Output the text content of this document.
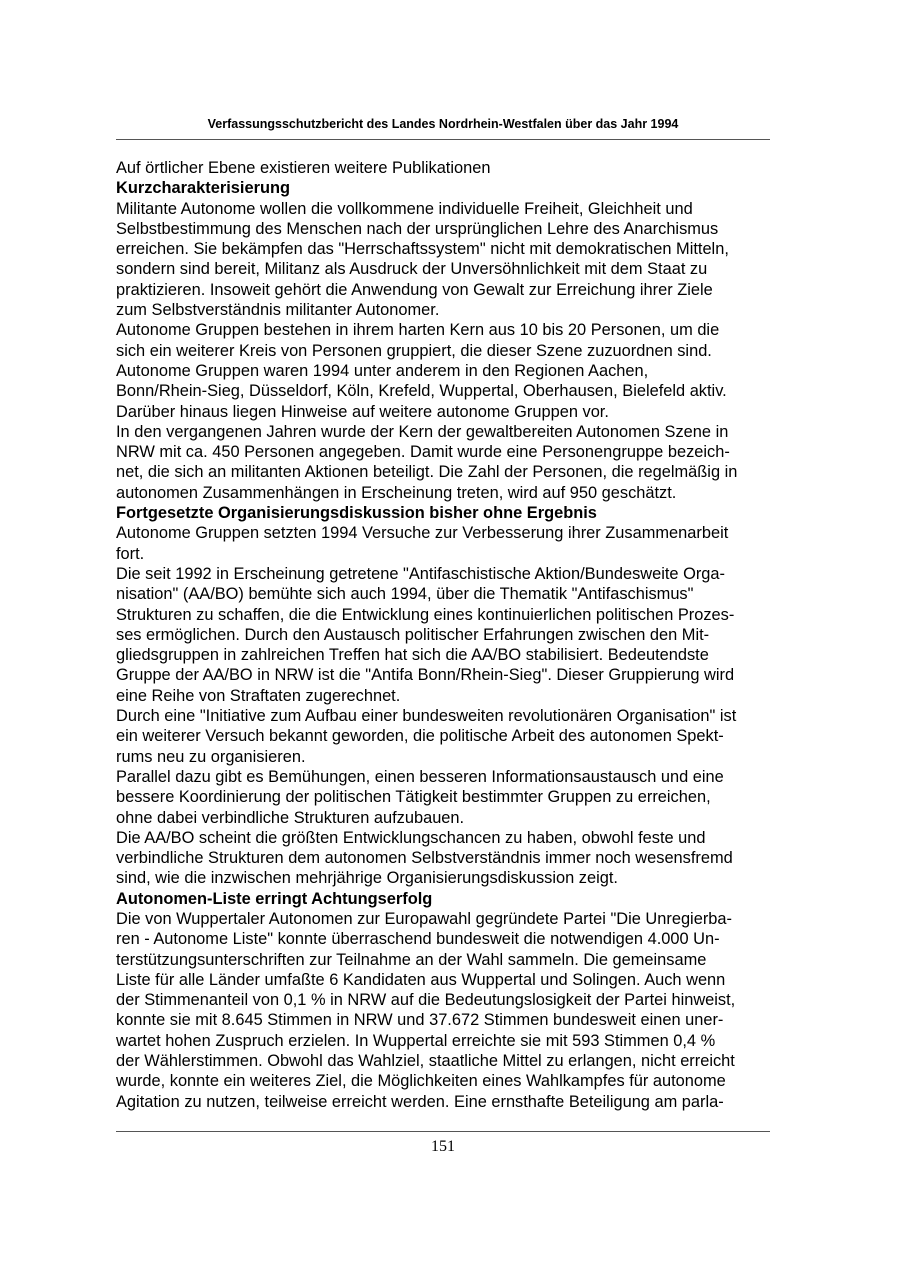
Verfassungsschutzbericht des Landes Nordrhein-Westfalen über das Jahr 1994
Auf örtlicher Ebene existieren weitere Publikationen
Kurzcharakterisierung
Militante Autonome wollen die vollkommene individuelle Freiheit, Gleichheit und
Selbstbestimmung des Menschen nach der ursprünglichen Lehre des Anarchismus
erreichen. Sie bekämpfen das "Herrschaftssystem" nicht mit demokratischen Mitteln,
sondern sind bereit, Militanz als Ausdruck der Unversöhnlichkeit mit dem Staat zu
praktizieren. Insoweit gehört die Anwendung von Gewalt zur Erreichung ihrer Ziele
zum Selbstverständnis militanter Autonomer.
Autonome Gruppen bestehen in ihrem harten Kern aus 10 bis 20 Personen, um die
sich ein weiterer Kreis von Personen gruppiert, die dieser Szene zuzuordnen sind.
Autonome Gruppen waren 1994 unter anderem in den Regionen Aachen,
Bonn/Rhein-Sieg, Düsseldorf, Köln, Krefeld, Wuppertal, Oberhausen, Bielefeld aktiv.
Darüber hinaus liegen Hinweise auf weitere autonome Gruppen vor.
In den vergangenen Jahren wurde der Kern der gewaltbereiten Autonomen Szene in
NRW mit ca. 450 Personen angegeben. Damit wurde eine Personengruppe bezeich-
net, die sich an militanten Aktionen beteiligt. Die Zahl der Personen, die regelmäßig in
autonomen Zusammenhängen in Erscheinung treten, wird auf 950 geschätzt.
Fortgesetzte Organisierungsdiskussion bisher ohne Ergebnis
Autonome Gruppen setzten 1994 Versuche zur Verbesserung ihrer Zusammenarbeit
fort.
Die seit 1992 in Erscheinung getretene "Antifaschistische Aktion/Bundesweite Orga-
nisation" (AA/BO) bemühte sich auch 1994, über die Thematik "Antifaschismus"
Strukturen zu schaffen, die die Entwicklung eines kontinuierlichen politischen Prozes-
ses ermöglichen. Durch den Austausch politischer Erfahrungen zwischen den Mit-
gliedsgruppen in zahlreichen Treffen hat sich die AA/BO stabilisiert. Bedeutendste
Gruppe der AA/BO in NRW ist die "Antifa Bonn/Rhein-Sieg". Dieser Gruppierung wird
eine Reihe von Straftaten zugerechnet.
Durch eine "Initiative zum Aufbau einer bundesweiten revolutionären Organisation" ist
ein weiterer Versuch bekannt geworden, die politische Arbeit des autonomen Spekt-
rums neu zu organisieren.
Parallel dazu gibt es Bemühungen, einen besseren Informationsaustausch und eine
bessere Koordinierung der politischen Tätigkeit bestimmter Gruppen zu erreichen,
ohne dabei verbindliche Strukturen aufzubauen.
Die AA/BO scheint die größten Entwicklungschancen zu haben, obwohl feste und
verbindliche Strukturen dem autonomen Selbstverständnis immer noch wesensfremd
sind, wie die inzwischen mehrjährige Organisierungsdiskussion zeigt.
Autonomen-Liste erringt Achtungserfolg
Die von Wuppertaler Autonomen zur Europawahl gegründete Partei "Die Unregierba-
ren - Autonome Liste" konnte überraschend bundesweit die notwendigen 4.000 Un-
terstützungsunterschriften zur Teilnahme an der Wahl sammeln. Die gemeinsame
Liste für alle Länder umfaßte 6 Kandidaten aus Wuppertal und Solingen. Auch wenn
der Stimmenanteil von 0,1 % in NRW auf die Bedeutungslosigkeit der Partei hinweist,
konnte sie mit 8.645 Stimmen in NRW und 37.672 Stimmen bundesweit einen uner-
wartet hohen Zuspruch erzielen. In Wuppertal erreichte sie mit 593 Stimmen 0,4 %
der Wählerstimmen. Obwohl das Wahlziel, staatliche Mittel zu erlangen, nicht erreicht
wurde, konnte ein weiteres Ziel, die Möglichkeiten eines Wahlkampfes für autonome
Agitation zu nutzen, teilweise erreicht werden. Eine ernsthafte Beteiligung am parla-
151
